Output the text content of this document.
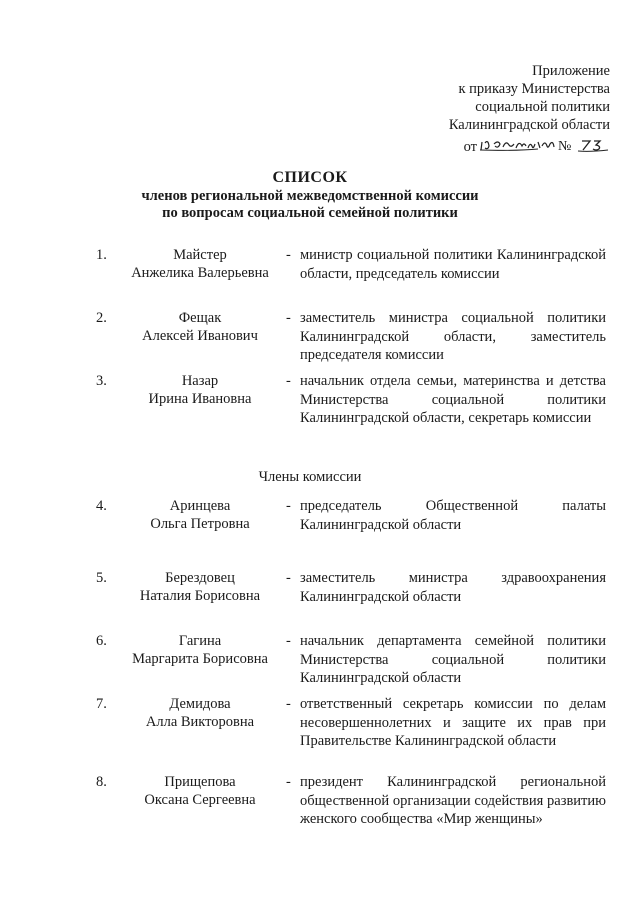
Приложение
к приказу Министерства
социальной политики
Калининградской области
от	№
СПИСОК
членов региональной межведомственной комиссии
по вопросам социальной семейной политики
1.	Майстер
Анжелика Валерьевна
- министр социальной политики Калининградской области, председатель комиссии
2.	Фещак
Алексей Иванович
- заместитель министра социальной политики Калининградской области, заместитель председателя комиссии
3.	Назар
Ирина Ивановна
- начальник отдела семьи, материнства и детства Министерства социальной политики Калининградской области, секретарь комиссии
Члены комиссии
4.	Аринцева
Ольга Петровна
- председатель Общественной палаты Калининградской области
5.	Берездовец
Наталия Борисовна
- заместитель министра здравоохранения Калининградской области
6.	Гагина
Маргарита Борисовна
- начальник департамента семейной политики Министерства социальной политики Калининградской области
7.	Демидова
Алла Викторовна
- ответственный секретарь комиссии по делам несовершеннолетних и защите их прав при Правительстве Калининградской области
8.	Прищепова
Оксана Сергеевна
- президент Калининградской региональной общественной организации содействия развитию женского сообщества «Мир женщины»
